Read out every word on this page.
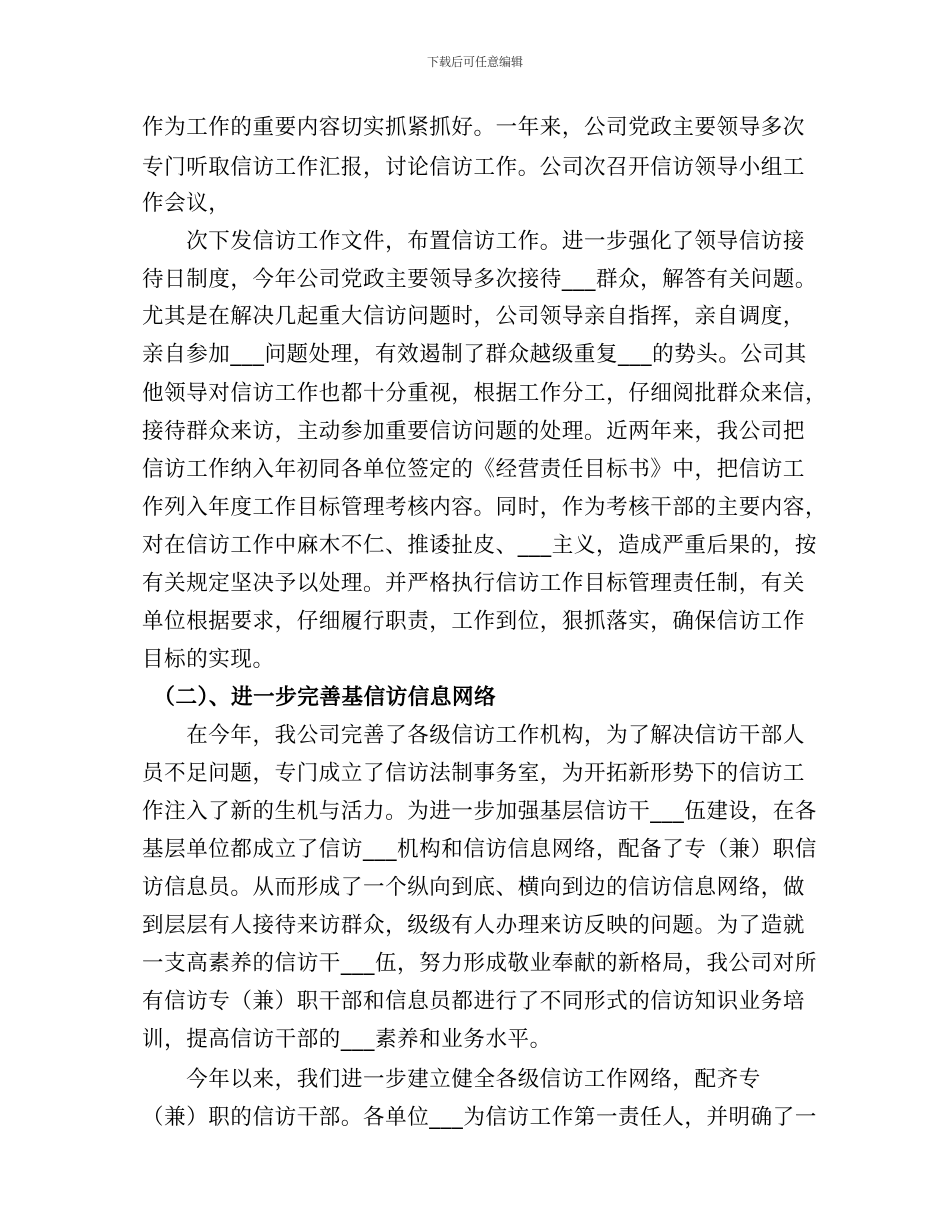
下载后可任意编辑
作为工作的重要内容切实抓紧抓好。一年来，公司党政主要领导多次
专门听取信访工作汇报，讨论信访工作。公司次召开信访领导小组工
作会议，
　　次下发信访工作文件，布置信访工作。进一步强化了领导信访接
待日制度，今年公司党政主要领导多次接待___群众，解答有关问题。
尤其是在解决几起重大信访问题时，公司领导亲自指挥，亲自调度，
亲自参加___问题处理，有效遏制了群众越级重复___的势头。公司其
他领导对信访工作也都十分重视，根据工作分工，仔细阅批群众来信，
接待群众来访，主动参加重要信访问题的处理。近两年来，我公司把
信访工作纳入年初同各单位签定的《经营责任目标书》中，把信访工
作列入年度工作目标管理考核内容。同时，作为考核干部的主要内容，
对在信访工作中麻木不仁、推诿扯皮、___主义，造成严重后果的，按
有关规定坚决予以处理。并严格执行信访工作目标管理责任制，有关
单位根据要求，仔细履行职责，工作到位，狠抓落实，确保信访工作
目标的实现。
　（二）、进一步完善基信访信息网络
　　在今年，我公司完善了各级信访工作机构，为了解决信访干部人
员不足问题，专门成立了信访法制事务室，为开拓新形势下的信访工
作注入了新的生机与活力。为进一步加强基层信访干___伍建设，在各
基层单位都成立了信访___机构和信访信息网络，配备了专（兼）职信
访信息员。从而形成了一个纵向到底、横向到边的信访信息网络，做
到层层有人接待来访群众，级级有人办理来访反映的问题。为了造就
一支高素养的信访干___伍，努力形成敬业奉献的新格局，我公司对所
有信访专（兼）职干部和信息员都进行了不同形式的信访知识业务培
训，提高信访干部的___素养和业务水平。
　　今年以来，我们进一步建立健全各级信访工作网络，配齐专
（兼）职的信访干部。各单位___为信访工作第一责任人，并明确了一
